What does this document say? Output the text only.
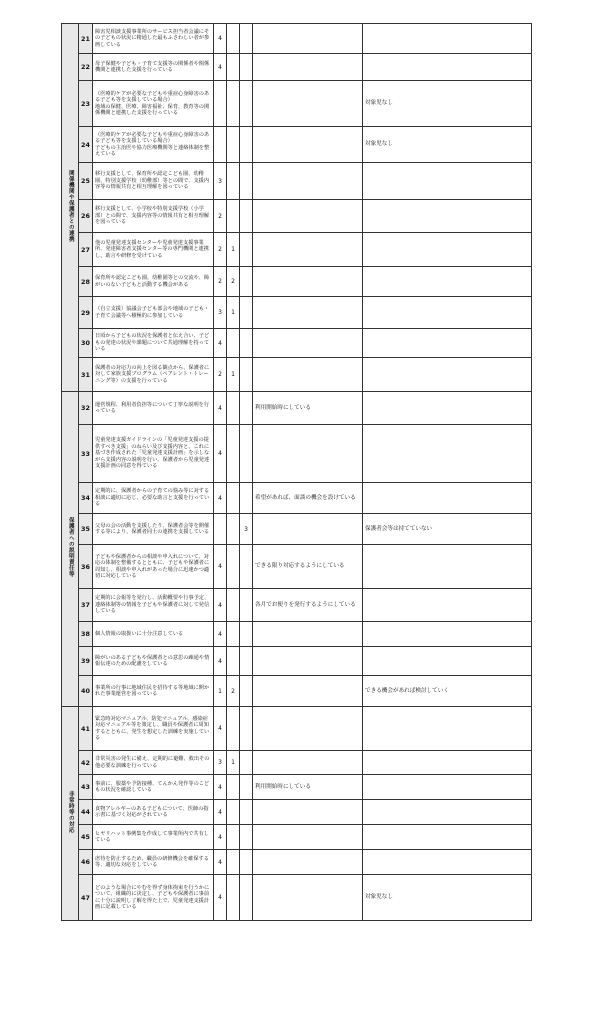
関係機関や保護者との連携	21	障害児相談支援事業所のサービス担当者会議にその子どもの状況に精通した最もふさわしい者が参画している	4				
	22	母子保健や子ども・子育て支援等の関係者や関係機関と連携した支援を行っている	4				
	23	（医療的ケアが必要な子どもや重症心身障害のある子ども等を支援している場合）
地域の保健、医療、障害福祉、保育、教育等の関係機関と連携した支援を行っている					対象児なし
	24	（医療的ケアが必要な子どもや重症心身障害のある子ども等を支援している場合）
子どもの主治医や協力医療機関等と連絡体制を整えている					対象児なし
	25	移行支援として、保育所や認定こども園、幼稚園、特別支援学校（幼稚部）等との間で、支援内容等の情報共有と相互理解を図っている	3				
	26	移行支援として、小学校や特別支援学校（小学部）との間で、支援内容等の情報共有と相互理解を図っている	2				
	27	他の児童発達支援センターや児童発達支援事業所、発達障害者支援センター等の専門機関と連携し、助言や研修を受けている	2	1			
	28	保育所や認定こども園、幼稚園等との交流や、障がいのない子どもと活動する機会がある	2	2			
	29	（自立支援）協議会子ども部会や地域の子ども・子育て会議等へ積極的に参加している	3	1			
	30	日頃から子どもの状況を保護者と伝え合い、子どもの発達の状況や課題について共通理解を持っている	4				
	31	保護者の対応力の向上を図る観点から、保護者に対して家族支援プログラム（ペアレント・トレーニング等）の支援を行っている	2	1			
保護者への説明責任等	32	運営規程、利用者負担等について丁寧な説明を行っている	4			利用開始時にしている	
	33	児童発達支援ガイドラインの「児童発達支援の提供すべき支援」のねらい及び支援内容と、これに基づき作成された「児童発達支援計画」を示しながら支援内容の説明を行い、保護者から児童発達支援計画の同意を得ている	4				
	34	定期的に、保護者からの子育ての悩み等に対する相談に適切に応じ、必要な助言と支援を行っている	4			希望があれば、面談の機会を設けている	
	35	父母の会の活動を支援したり、保護者会等を開催する等により、保護者同士の連携を支援している			3		保護者会等は持てていない
	36	子どもや保護者からの相談や申入れについて、対応の体制を整備するとともに、子どもや保護者に周知し、相談や申入れがあった場合に迅速かつ適切に対応している	4			できる限り対応するようにしている	
	37	定期的に会報等を発行し、活動概要や行事予定、連絡体制等の情報を子どもや保護者に対して発信している	4			各月でお便りを発行するようにしている	
	38	個人情報の取扱いに十分注意している	4				
	39	障がいのある子どもや保護者との意思の疎通や情報伝達のための配慮をしている	4				
	40	事業所の行事に地域住民を招待する等地域に開かれた事業運営を図っている	1	2			できる機会があれば検討していく
非常時等の対応	41	緊急時対応マニュアル、防犯マニュアル、感染症対応マニュアル等を策定し、職員や保護者に周知するとともに、発生を想定した訓練を実施している	4				
	42	非常災害の発生に備え、定期的に避難、救出その他必要な訓練を行っている	3	1			
	43	事前に、服薬や予防接種、てんかん発作等のこどもの状況を確認している	4			利用開始時にしている	
	44	食物アレルギーのある子どもについて、医師の指示書に基づく対応がされている	4				
	45	ヒヤリハット事例集を作成して事業所内で共有している	4				
	46	虐待を防止するため、職員の研修機会を確保する等、適切な対応をしている	4				
	47	どのような場合にやむを得ず身体拘束を行うかについて、組織的に決定し、子どもや保護者に事前に十分に説明し了解を得た上で、児童発達支援計画に記載している	4				対象児なし
